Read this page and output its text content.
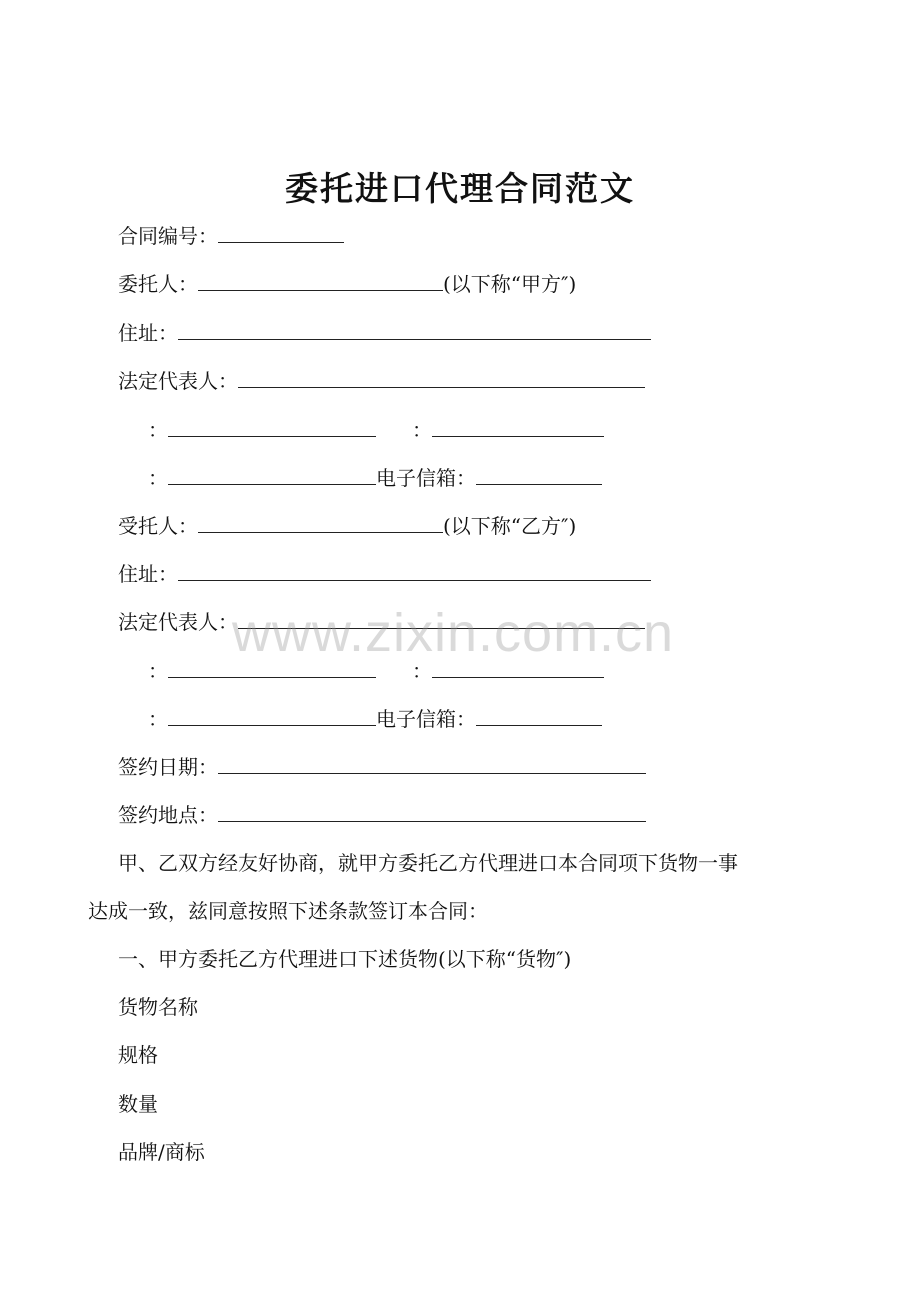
委托进口代理合同范文
合同编号：
委托人：	(以下称“甲方″)
住址：
法定代表人：
：	：
：	电子信箱：
受托人：	(以下称“乙方″)
住址：
法定代表人：
www.zixin.com.cn
：	：
：	电子信箱：
签约日期：
签约地点：
甲、乙双方经友好协商，就甲方委托乙方代理进口本合同项下货物一事
达成一致，兹同意按照下述条款签订本合同：
一、甲方委托乙方代理进口下述货物(以下称“货物″)
货物名称
规格
数量
品牌/商标
